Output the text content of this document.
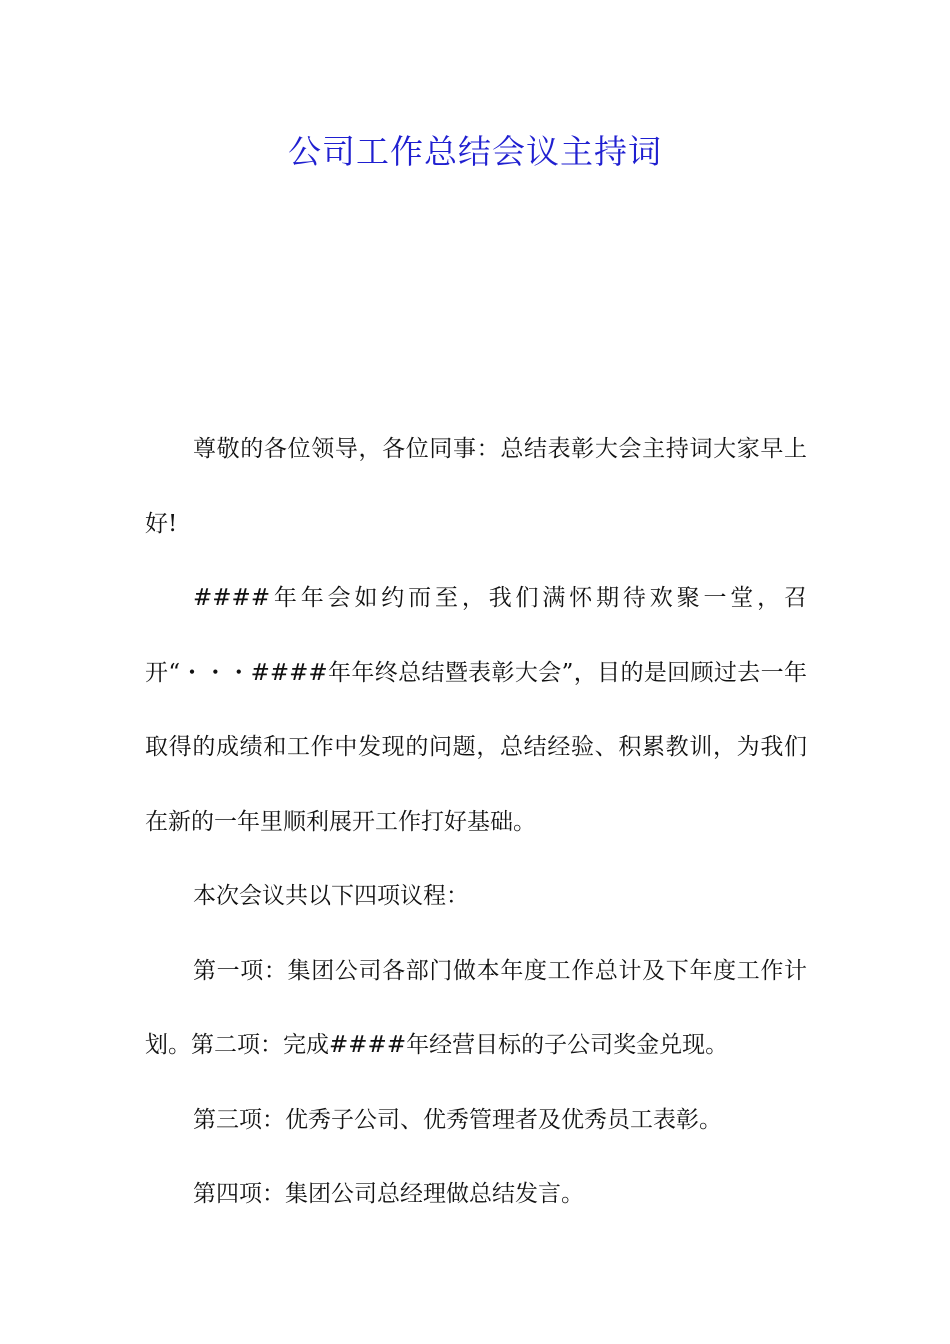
公司工作总结会议主持词

尊敬的各位领导，各位同事：总结表彰大会主持词大家早上好!

####年年会如约而至，我们满怀期待欢聚一堂，召开“・・・####年年终总结暨表彰大会”，目的是回顾过去一年取得的成绩和工作中发现的问题，总结经验、积累教训，为我们在新的一年里顺利展开工作打好基础。

本次会议共以下四项议程：

第一项：集团公司各部门做本年度工作总计及下年度工作计划。第二项：完成####年经营目标的子公司奖金兑现。

第三项：优秀子公司、优秀管理者及优秀员工表彰。

第四项：集团公司总经理做总结发言。
